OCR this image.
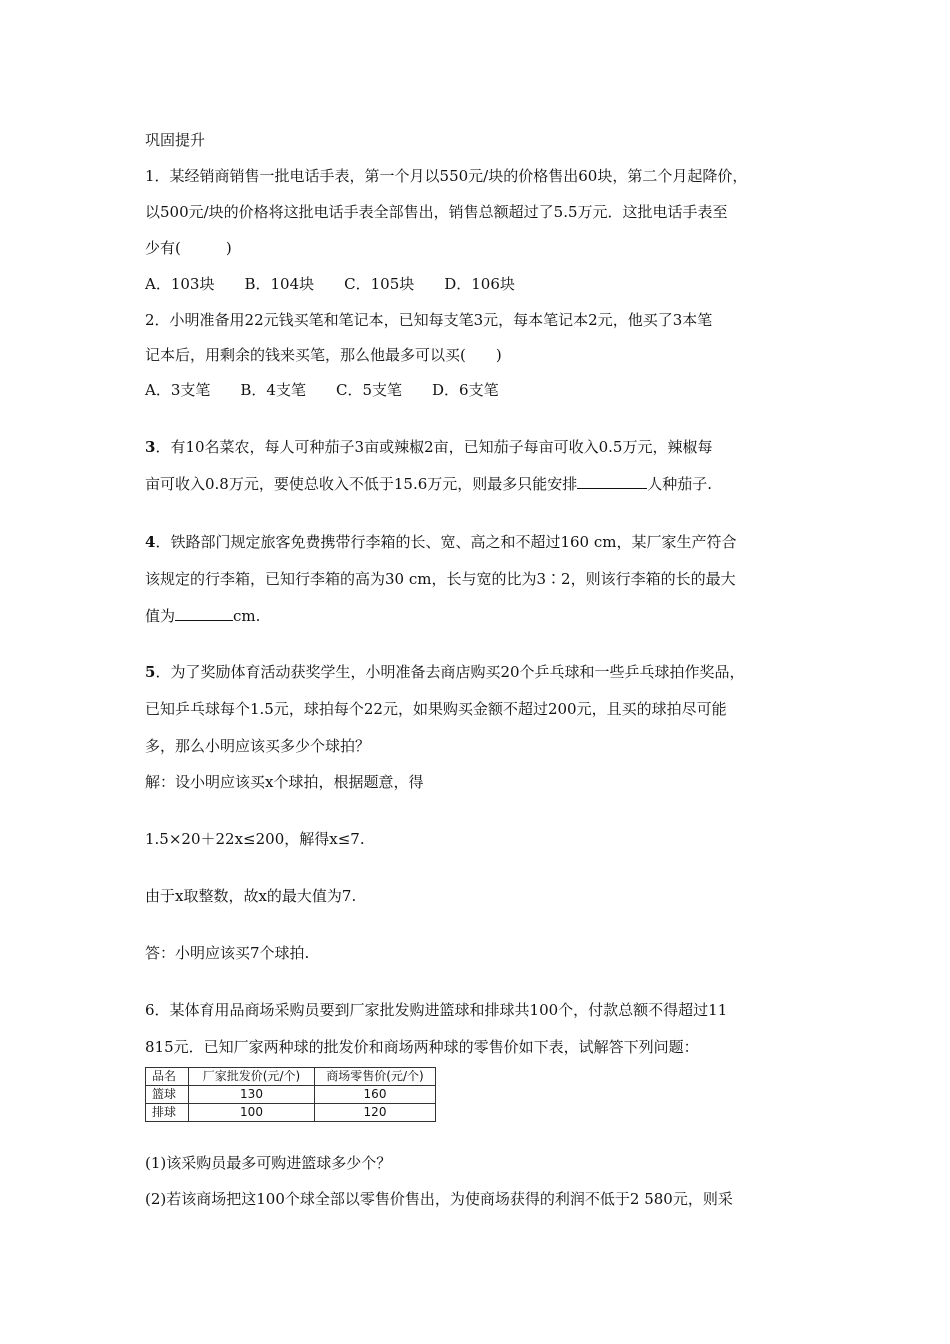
巩固提升
1．某经销商销售一批电话手表，第一个月以550元/块的价格售出60块，第二个月起降价，
以500元/块的价格将这批电话手表全部售出，销售总额超过了5.5万元．这批电话手表至
少有(　　　)
A．103块 B．104块 C．105块 D．106块
2．小明准备用22元钱买笔和笔记本，已知每支笔3元，每本笔记本2元，他买了3本笔
记本后，用剩余的钱来买笔，那么他最多可以买(　　)
A．3支笔 B．4支笔 C．5支笔 D．6支笔
3．有10名菜农，每人可种茄子3亩或辣椒2亩，已知茄子每亩可收入0.5万元，辣椒每
亩可收入0.8万元，要使总收入不低于15.6万元，则最多只能安排	人种茄子.
4．铁路部门规定旅客免费携带行李箱的长、宽、高之和不超过160 cm，某厂家生产符合
该规定的行李箱，已知行李箱的高为30 cm，长与宽的比为3∶2，则该行李箱的长的最大
值为	cm.
5．为了奖励体育活动获奖学生，小明准备去商店购买20个乒乓球和一些乒乓球拍作奖品，
已知乒乓球每个1.5元，球拍每个22元，如果购买金额不超过200元，且买的球拍尽可能
多，那么小明应该买多少个球拍？
解：设小明应该买x个球拍，根据题意，得
1.5×20＋22x≤200，解得x≤7.
由于x取整数，故x的最大值为7.
答：小明应该买7个球拍.
6．某体育用品商场采购员要到厂家批发购进篮球和排球共100个，付款总额不得超过11
815元．已知厂家两种球的批发价和商场两种球的零售价如下表，试解答下列问题：
品名	厂家批发价(元/个)	商场零售价(元/个)
篮球	130	160
排球	100	120
(1)该采购员最多可购进篮球多少个？
(2)若该商场把这100个球全部以零售价售出，为使商场获得的利润不低于2 580元，则采
